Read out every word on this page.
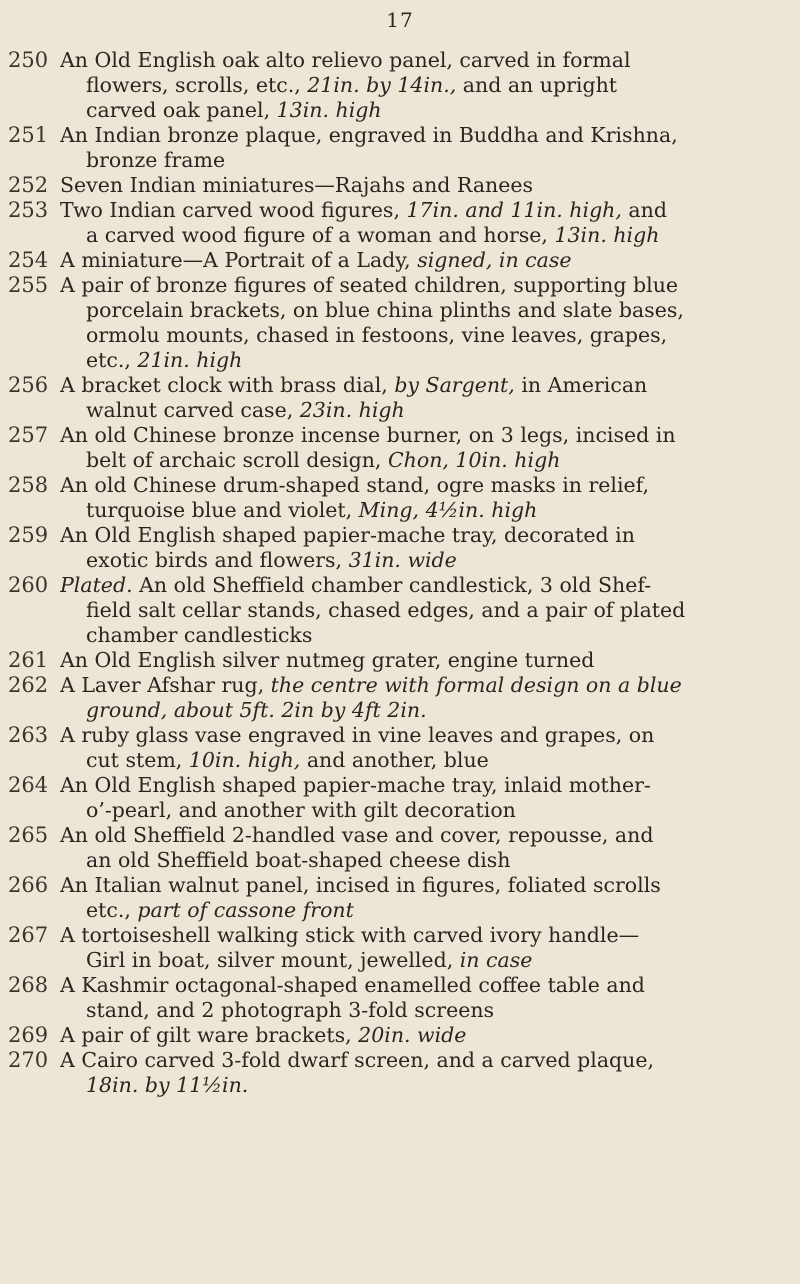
17
250 An Old English oak alto relievo panel, carved in formal
flowers, scrolls, etc., 21in. by 14in., and an upright
carved oak panel, 13in. high
251 An Indian bronze plaque, engraved in Buddha and Krishna,
bronze frame
252 Seven Indian miniatures—Rajahs and Ranees
253 Two Indian carved wood figures, 17in. and 11in. high, and
a carved wood figure of a woman and horse, 13in. high
254 A miniature—A Portrait of a Lady, signed, in case
255 A pair of bronze figures of seated children, supporting blue
porcelain brackets, on blue china plinths and slate bases,
ormolu mounts, chased in festoons, vine leaves, grapes,
etc., 21in. high
256 A bracket clock with brass dial, by Sargent, in American
walnut carved case, 23in. high
257 An old Chinese bronze incense burner, on 3 legs, incised in
belt of archaic scroll design, Chon, 10in. high
258 An old Chinese drum-shaped stand, ogre masks in relief,
turquoise blue and violet, Ming, 4½in. high
259 An Old English shaped papier-mache tray, decorated in
exotic birds and flowers, 31in. wide
260 Plated. An old Sheffield chamber candlestick, 3 old Shef-
field salt cellar stands, chased edges, and a pair of plated
chamber candlesticks
261 An Old English silver nutmeg grater, engine turned
262 A Laver Afshar rug, the centre with formal design on a blue
ground, about 5ft. 2in by 4ft 2in.
263 A ruby glass vase engraved in vine leaves and grapes, on
cut stem, 10in. high, and another, blue
264 An Old English shaped papier-mache tray, inlaid mother-
o’-pearl, and another with gilt decoration
265 An old Sheffield 2-handled vase and cover, repousse, and
an old Sheffield boat-shaped cheese dish
266 An Italian walnut panel, incised in figures, foliated scrolls
etc., part of cassone front
267 A tortoiseshell walking stick with carved ivory handle—
Girl in boat, silver mount, jewelled, in case
268 A Kashmir octagonal-shaped enamelled coffee table and
stand, and 2 photograph 3-fold screens
269 A pair of gilt ware brackets, 20in. wide
270 A Cairo carved 3-fold dwarf screen, and a carved plaque,
18in. by 11½in.
